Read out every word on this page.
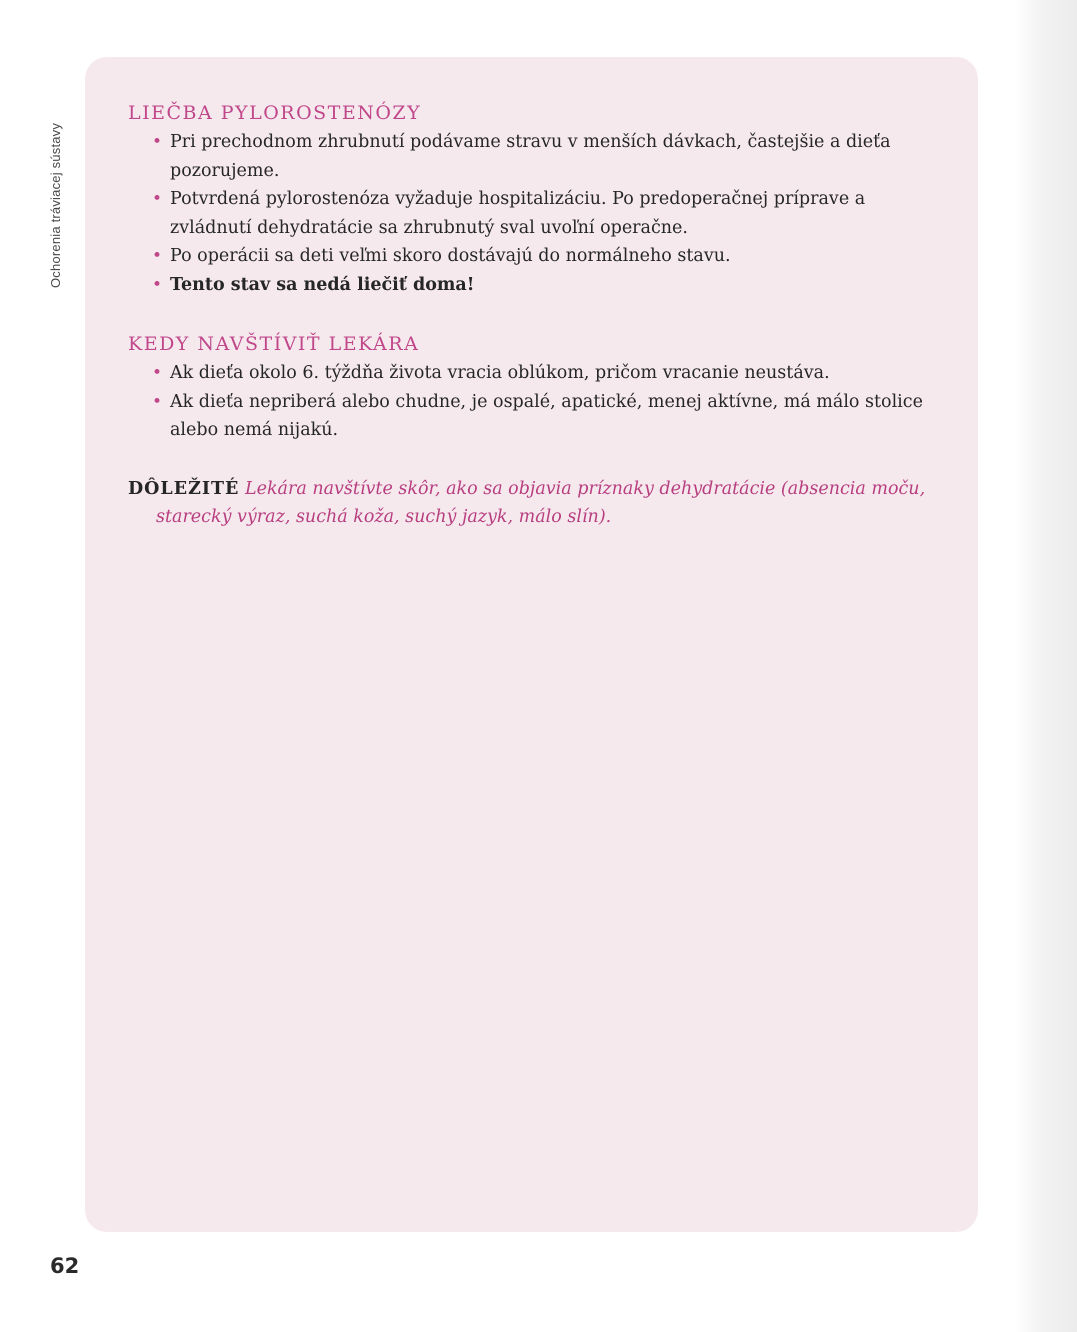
Ochorenia tráviacej sústavy
LIEČBA PYLOROSTENÓZY
• Pri prechodnom zhrubnutí podávame stravu v menších dávkach, častejšie a dieťa pozorujeme.
• Potvrdená pylorostenóza vyžaduje hospitalizáciu. Po predoperačnej príprave a zvládnutí dehydratácie sa zhrubnutý sval uvoľní operačne.
• Po operácii sa deti veľmi skoro dostávajú do normálneho stavu.
• Tento stav sa nedá liečiť doma!
KEDY NAVŠTÍVIŤ LEKÁRA
• Ak dieťa okolo 6. týždňa života vracia oblúkom, pričom vracanie neustáva.
• Ak dieťa nepriberá alebo chudne, je ospalé, apatické, menej aktívne, má málo stolice alebo nemá nijakú.

DÔLEŽITÉ Lekára navštívte skôr, ako sa objavia príznaky dehydratácie (absencia moču, starecký výraz, suchá koža, suchý jazyk, málo slín).

62
